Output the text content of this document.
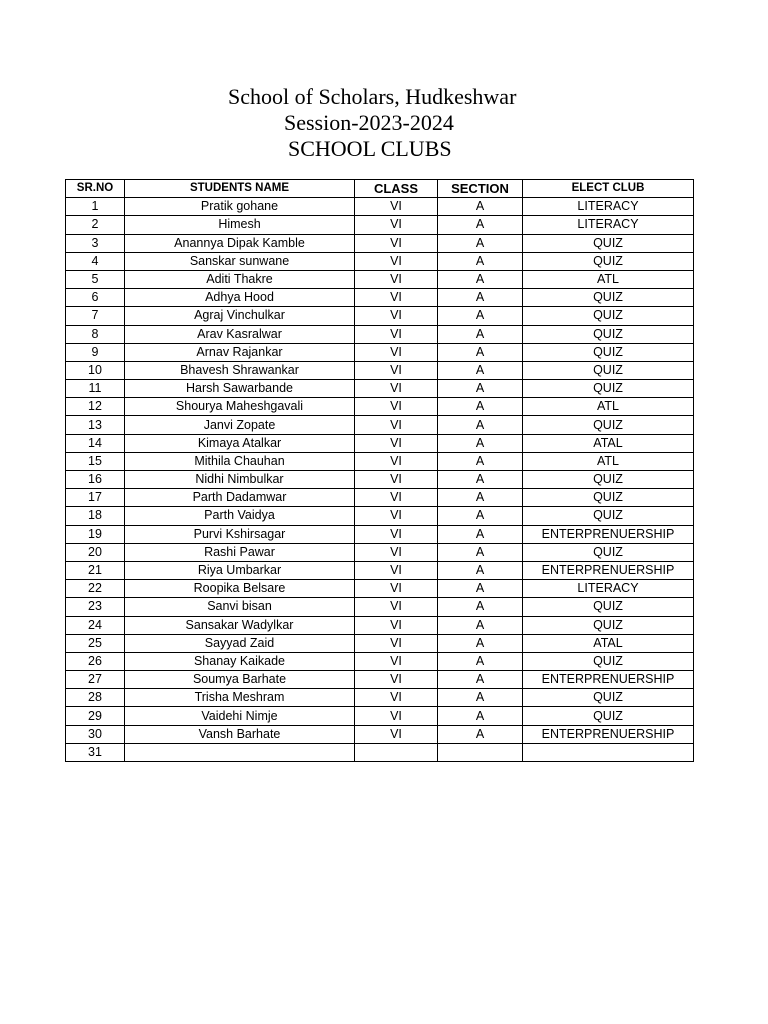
School of Scholars, Hudkeshwar
Session-2023-2024
SCHOOL CLUBS
SR.NO	STUDENTS NAME	CLASS	SECTION	ELECT CLUB
1	Pratik gohane	VI	A	LITERACY
2	Himesh	VI	A	LITERACY
3	Anannya Dipak Kamble	VI	A	QUIZ
4	Sanskar sunwane	VI	A	QUIZ
5	Aditi Thakre	VI	A	ATL
6	Adhya Hood	VI	A	QUIZ
7	Agraj Vinchulkar	VI	A	QUIZ
8	Arav Kasralwar	VI	A	QUIZ
9	Arnav Rajankar	VI	A	QUIZ
10	Bhavesh Shrawankar	VI	A	QUIZ
11	Harsh Sawarbande	VI	A	QUIZ
12	Shourya Maheshgavali	VI	A	ATL
13	Janvi Zopate	VI	A	QUIZ
14	Kimaya Atalkar	VI	A	ATAL
15	Mithila Chauhan	VI	A	ATL
16	Nidhi Nimbulkar	VI	A	QUIZ
17	Parth Dadamwar	VI	A	QUIZ
18	Parth Vaidya	VI	A	QUIZ
19	Purvi Kshirsagar	VI	A	ENTERPRENUERSHIP
20	Rashi Pawar	VI	A	QUIZ
21	Riya Umbarkar	VI	A	ENTERPRENUERSHIP
22	Roopika Belsare	VI	A	LITERACY
23	Sanvi bisan	VI	A	QUIZ
24	Sansakar Wadylkar	VI	A	QUIZ
25	Sayyad Zaid	VI	A	ATAL
26	Shanay Kaikade	VI	A	QUIZ
27	Soumya Barhate	VI	A	ENTERPRENUERSHIP
28	Trisha Meshram	VI	A	QUIZ
29	Vaidehi Nimje	VI	A	QUIZ
30	Vansh Barhate	VI	A	ENTERPRENUERSHIP
31				
